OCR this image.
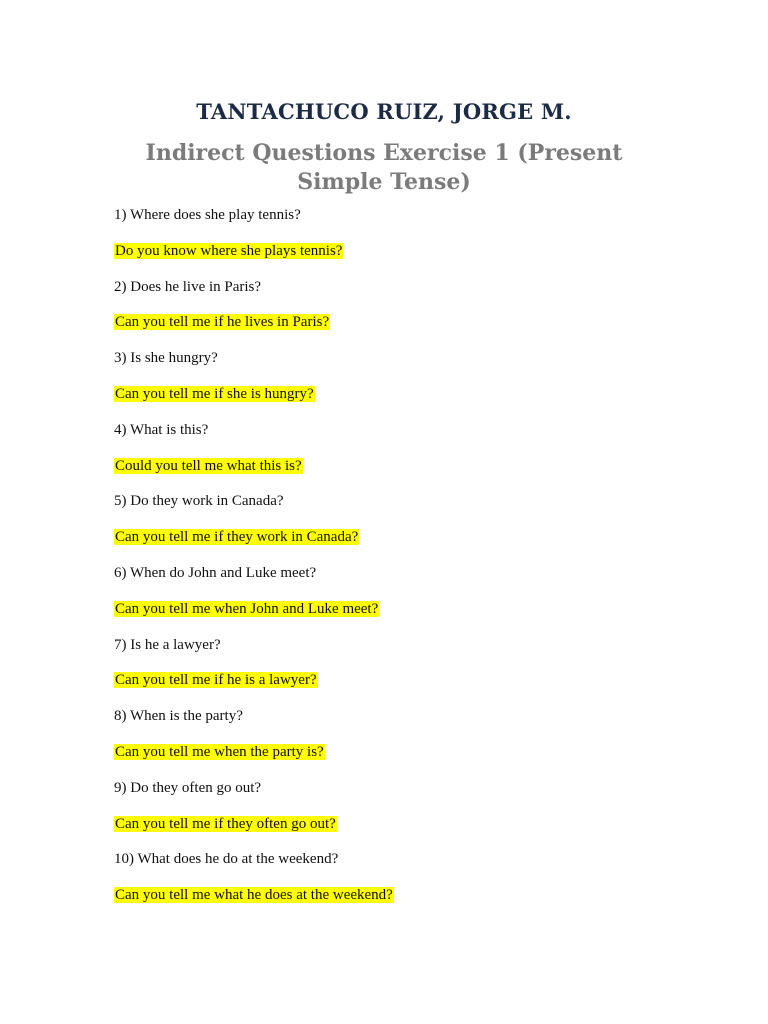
TANTACHUCO RUIZ, JORGE M.
Indirect Questions Exercise 1 (Present Simple Tense)
1) Where does she play tennis?
Do you know where she plays tennis?
2) Does he live in Paris?
Can you tell me if he lives in Paris?
3) Is she hungry?
Can you tell me if she is hungry?
4) What is this?
Could you tell me what this is?
5) Do they work in Canada?
Can you tell me if they work in Canada?
6) When do John and Luke meet?
Can you tell me when John and Luke meet?
7) Is he a lawyer?
Can you tell me if he is a lawyer?
8) When is the party?
Can you tell me when the party is?
9) Do they often go out?
Can you tell me if they often go out?
10) What does he do at the weekend?
Can you tell me what he does at the weekend?
